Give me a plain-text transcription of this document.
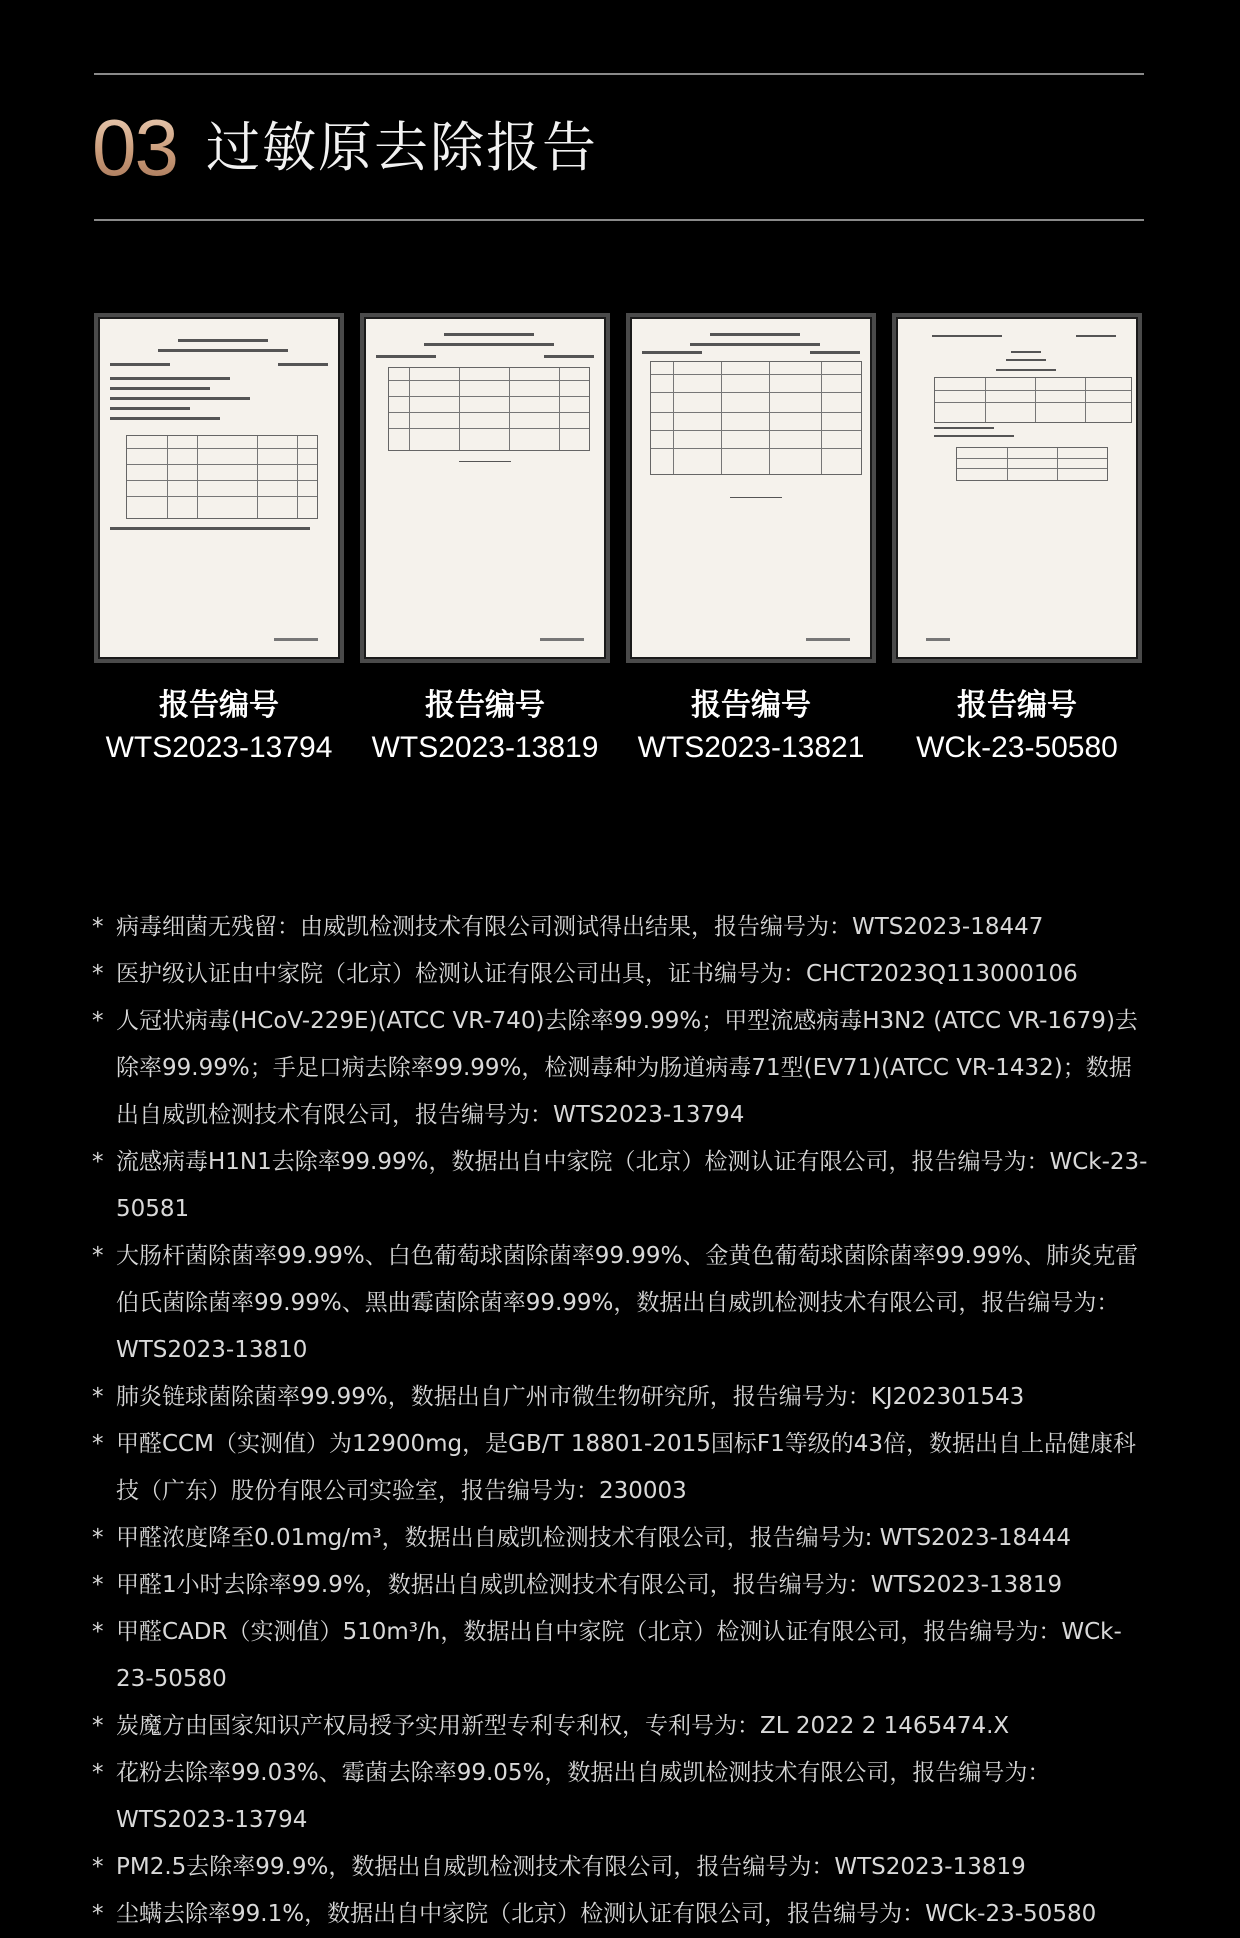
03 过敏原去除报告
报告编号
WTS2023-13794
报告编号
WTS2023-13819
报告编号
WTS2023-13821
报告编号
WCk-23-50580
* 病毒细菌无残留：由威凯检测技术有限公司测试得出结果，报告编号为：WTS2023-18447
* 医护级认证由中家院（北京）检测认证有限公司出具，证书编号为：CHCT2023Q113000106
* 人冠状病毒(HCoV-229E)(ATCC VR-740)去除率99.99%；甲型流感病毒H3N2 (ATCC VR-1679)去除率99.99%；手足口病去除率99.99%，检测毒种为肠道病毒71型(EV71)(ATCC VR-1432)；数据出自威凯检测技术有限公司，报告编号为：WTS2023-13794
* 流感病毒H1N1去除率99.99%，数据出自中家院（北京）检测认证有限公司，报告编号为：WCk-23-50581
* 大肠杆菌除菌率99.99%、白色葡萄球菌除菌率99.99%、金黄色葡萄球菌除菌率99.99%、肺炎克雷伯氏菌除菌率99.99%、黑曲霉菌除菌率99.99%，数据出自威凯检测技术有限公司，报告编号为：WTS2023-13810
* 肺炎链球菌除菌率99.99%，数据出自广州市微生物研究所，报告编号为：KJ202301543
* 甲醛CCM（实测值）为12900mg，是GB/T 18801-2015国标F1等级的43倍，数据出自上品健康科技（广东）股份有限公司实验室，报告编号为：230003
* 甲醛浓度降至0.01mg/m³，数据出自威凯检测技术有限公司，报告编号为: WTS2023-18444
* 甲醛1小时去除率99.9%，数据出自威凯检测技术有限公司，报告编号为：WTS2023-13819
* 甲醛CADR（实测值）510m³/h，数据出自中家院（北京）检测认证有限公司，报告编号为：WCk-23-50580
* 炭魔方由国家知识产权局授予实用新型专利专利权，专利号为：ZL 2022 2 1465474.X
* 花粉去除率99.03%、霉菌去除率99.05%，数据出自威凯检测技术有限公司，报告编号为：WTS2023-13794
* PM2.5去除率99.9%，数据出自威凯检测技术有限公司，报告编号为：WTS2023-13819
* 尘螨去除率99.1%，数据出自中家院（北京）检测认证有限公司，报告编号为：WCk-23-50580
